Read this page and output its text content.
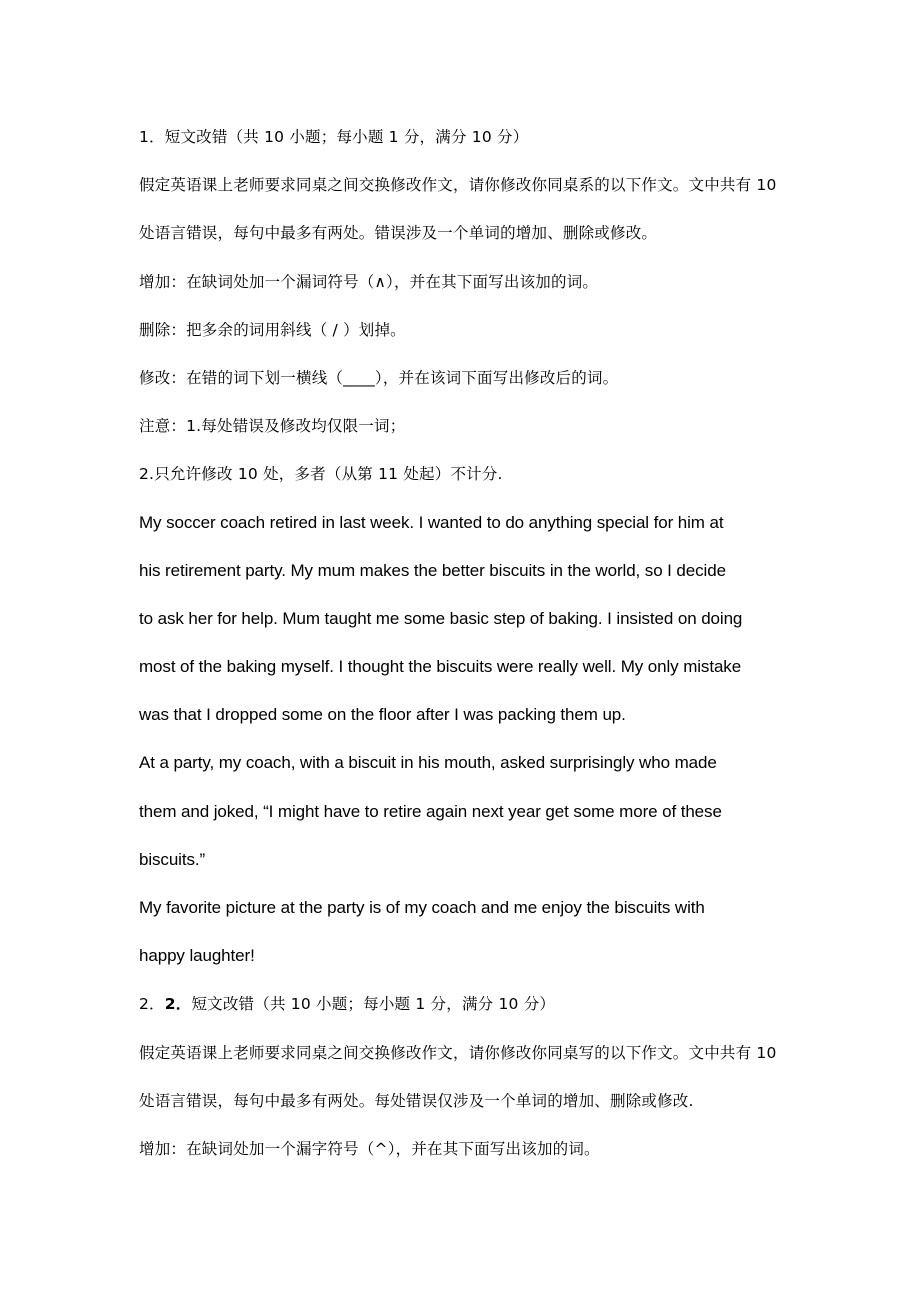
1．短文改错（共 10 小题；每小题 1 分，满分 10 分）
假定英语课上老师要求同桌之间交换修改作文，请你修改你同桌系的以下作文。文中共有 10
处语言错误，每句中最多有两处。错误涉及一个单词的增加、删除或修改。
增加：在缺词处加一个漏词符号（∧），并在其下面写出该加的词。
删除：把多余的词用斜线（ / ）划掉。
修改：在错的词下划一横线（____），并在该词下面写出修改后的词。
注意：1.每处错误及修改均仅限一词；
2.只允许修改 10 处，多者（从第 11 处起）不计分.
My soccer coach retired in last week. I wanted to do anything special for him at
his retirement party. My mum makes the better biscuits in the world, so I decide
to ask her for help. Mum taught me some basic step of baking. I insisted on doing
most of the baking myself. I thought the biscuits were really well. My only mistake
was that I dropped some on the floor after I was packing them up.
At a party, my coach, with a biscuit in his mouth, asked surprisingly who made
them and joked, “I might have to retire again next year get some more of these
biscuits.”
My favorite picture at the party is of my coach and me enjoy the biscuits with
happy laughter!
2．2．短文改错（共 10 小题；每小题 1 分，满分 10 分）
假定英语课上老师要求同桌之间交换修改作文，请你修改你同桌写的以下作文。文中共有 10
处语言错误，每句中最多有两处。每处错误仅涉及一个单词的增加、删除或修改.
增加：在缺词处加一个漏字符号（^），并在其下面写出该加的词。
